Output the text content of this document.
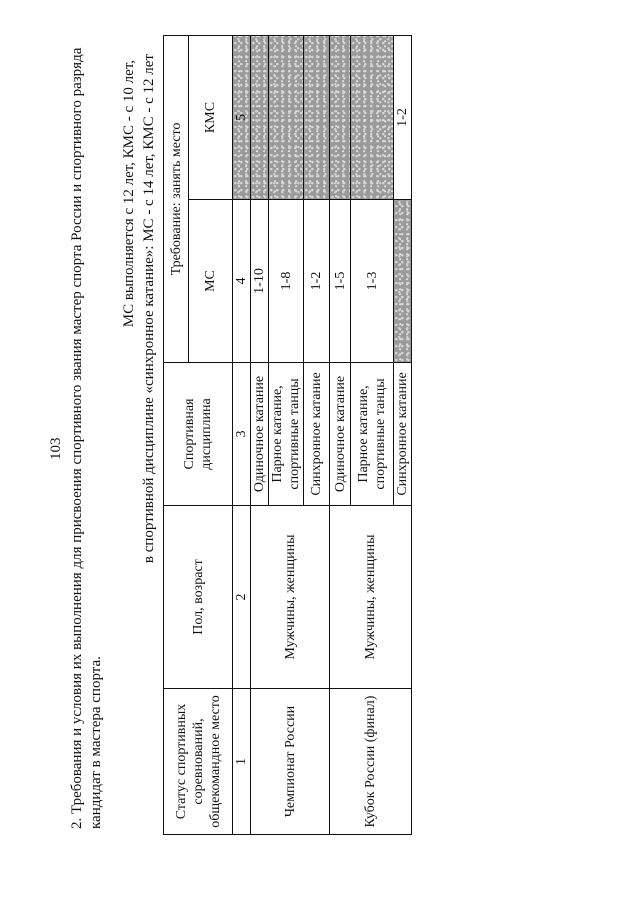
103 2. Требования и условия их выполнения для присвоения спортивного звания мастер спорта России и спортивного разряда кандидат в мастера спорта.
МС выполняется с 12 лет, КМС - с 10 лет, в спортивной дисциплине «синхронное катание»: МС - с 14 лет, КМС - с 12 лет
Статус спортивных соревнований, общекомандное место	Пол, возраст	Спортивная дисциплина	Требование: занять место	
			МС	КМС
1	2	3	4	5
Чемпионат России	Мужчины, женщины	Одиночное катание	1-10	
		Парное катание, спортивные танцы	1-8	
		Синхронное катание	1-2	
Кубок России (финал)	Мужчины, женщины	Одиночное катание	1-5	
		Парное катание, спортивные танцы	1-3	
		Синхронное катание		1-2
